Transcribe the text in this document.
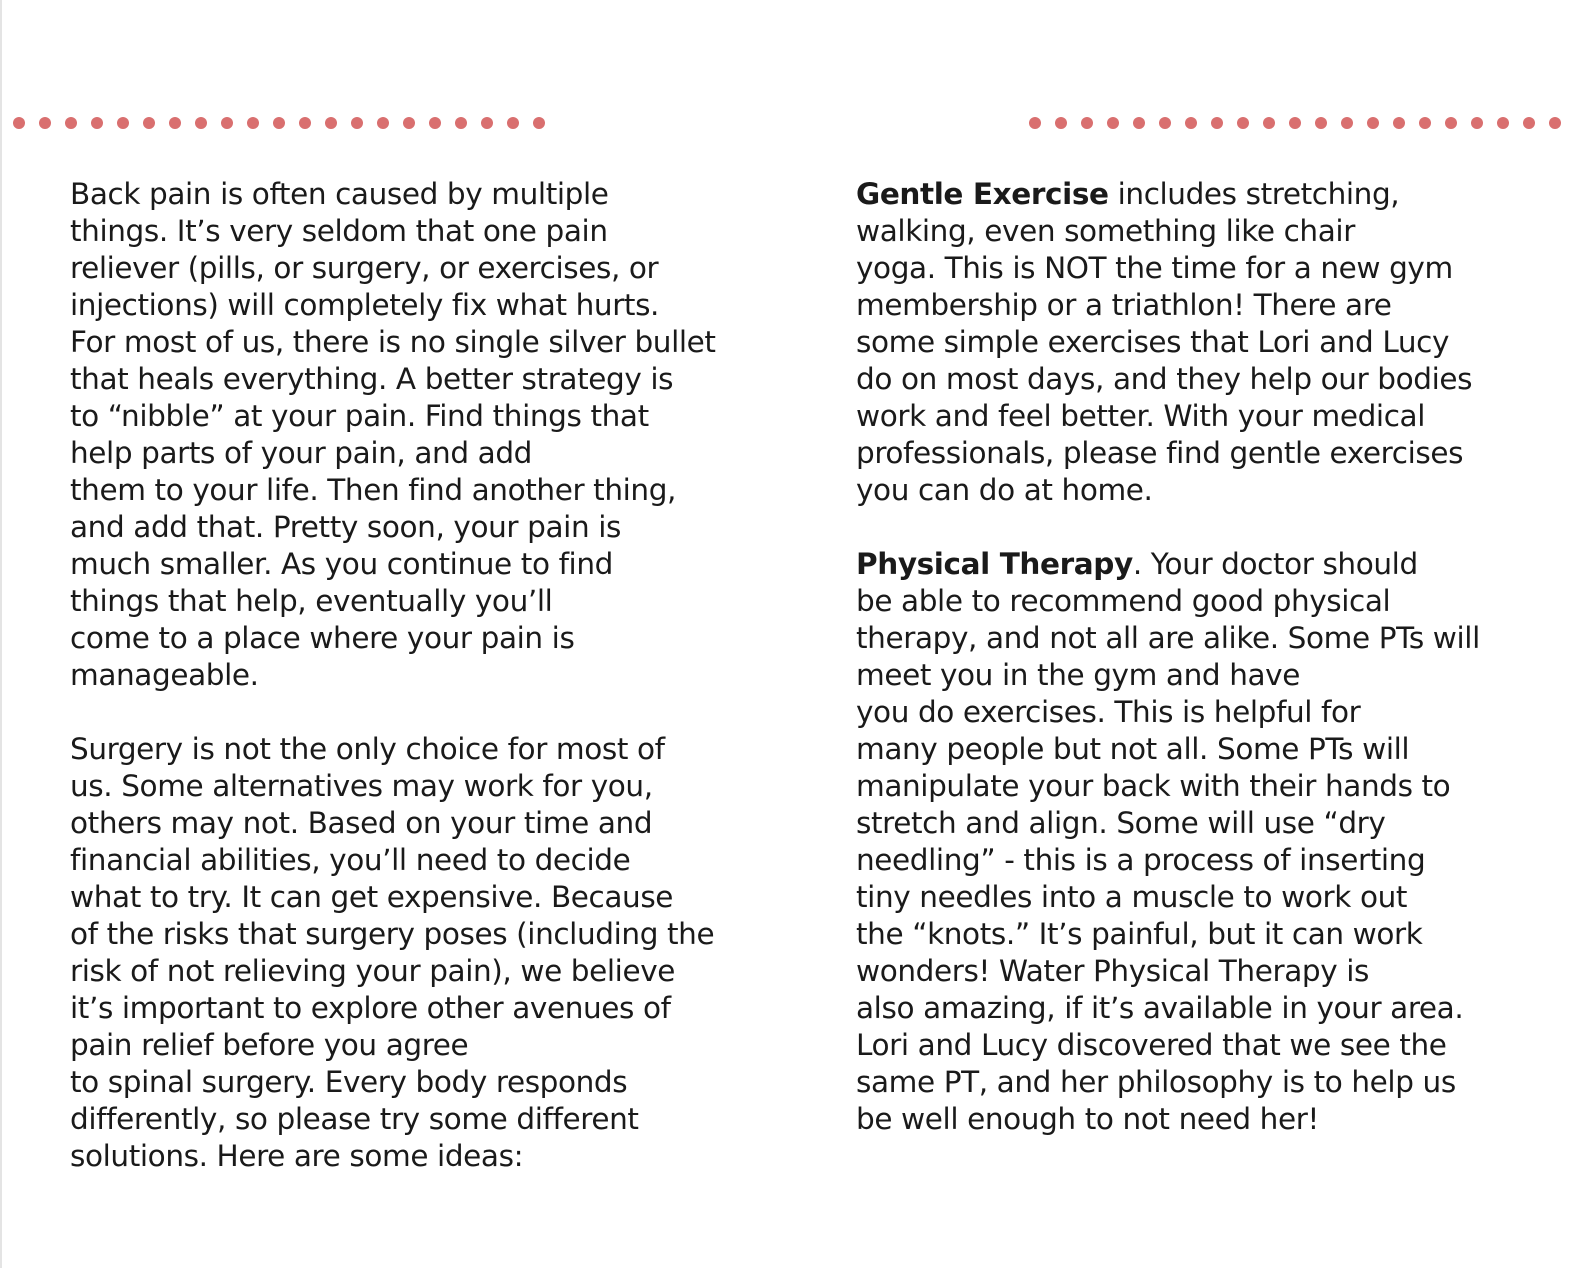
Back pain is often caused by multiple
things. It’s very seldom that one pain
reliever (pills, or surgery, or exercises, or
injections) will completely fix what hurts.
For most of us, there is no single silver bullet
that heals everything. A better strategy is
to “nibble” at your pain. Find things that
help parts of your pain, and add
them to your life. Then find another thing,
and add that. Pretty soon, your pain is
much smaller. As you continue to find
things that help, eventually you’ll
come to a place where your pain is
manageable.
Surgery is not the only choice for most of
us. Some alternatives may work for you,
others may not. Based on your time and
financial abilities, you’ll need to decide
what to try. It can get expensive. Because
of the risks that surgery poses (including the
risk of not relieving your pain), we believe
it’s important to explore other avenues of
pain relief before you agree
to spinal surgery. Every body responds
differently, so please try some different
solutions. Here are some ideas:
Gentle Exercise includes stretching,
walking, even something like chair
yoga. This is NOT the time for a new gym
membership or a triathlon! There are
some simple exercises that Lori and Lucy
do on most days, and they help our bodies
work and feel better. With your medical
professionals, please find gentle exercises
you can do at home.
Physical Therapy. Your doctor should
be able to recommend good physical
therapy, and not all are alike. Some PTs will
meet you in the gym and have
you do exercises. This is helpful for
many people but not all. Some PTs will
manipulate your back with their hands to
stretch and align. Some will use “dry
needling” - this is a process of inserting
tiny needles into a muscle to work out
the “knots.” It’s painful, but it can work
wonders! Water Physical Therapy is
also amazing, if it’s available in your area.
Lori and Lucy discovered that we see the
same PT, and her philosophy is to help us
be well enough to not need her!
